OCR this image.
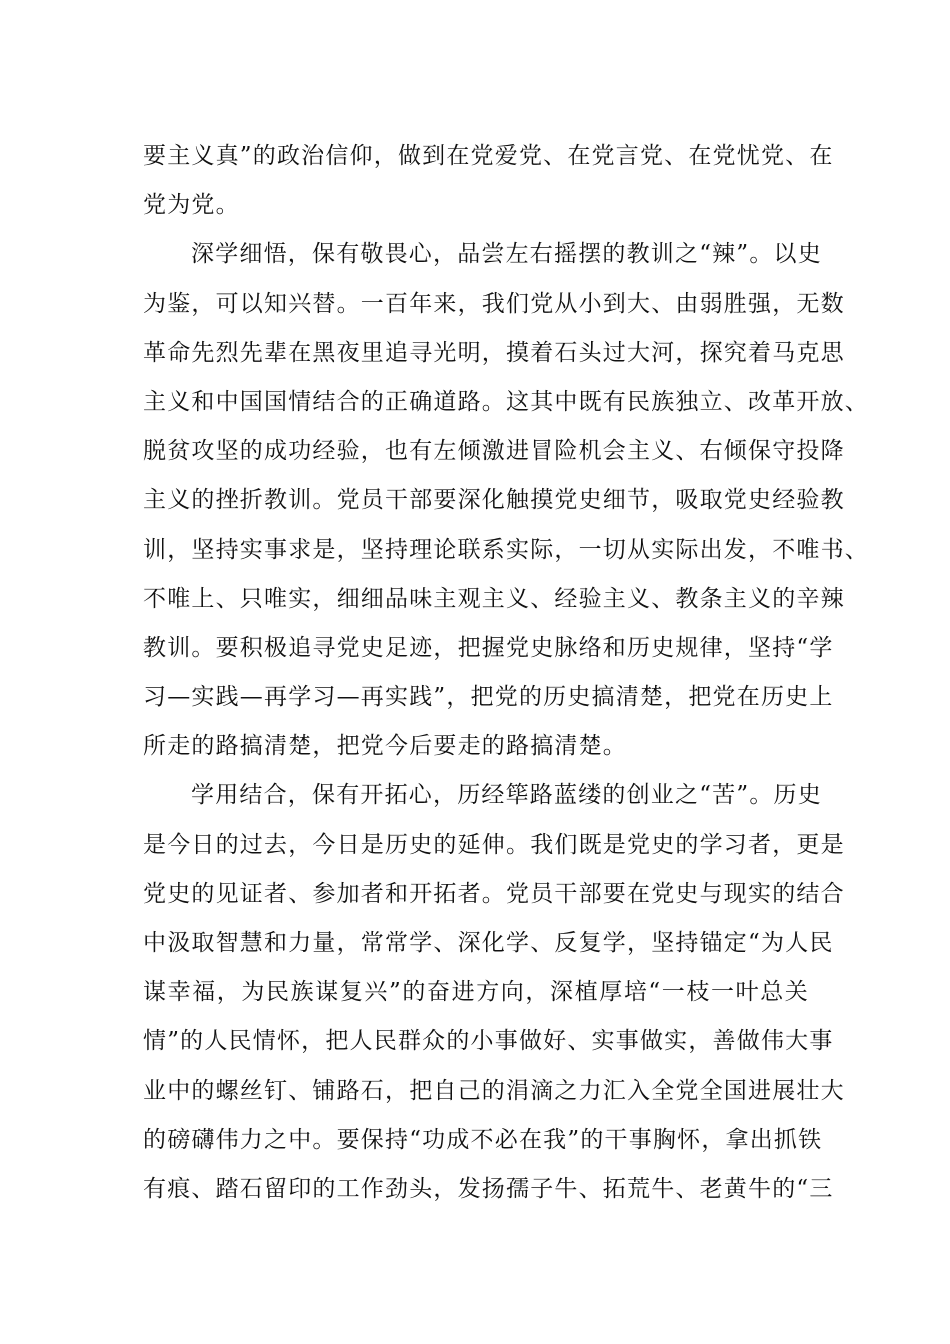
要主义真”的政治信仰，做到在党爱党、在党言党、在党忧党、在
党为党。
深学细悟，保有敬畏心，品尝左右摇摆的教训之“辣”。以史
为鉴，可以知兴替。一百年来，我们党从小到大、由弱胜强，无数
革命先烈先辈在黑夜里追寻光明，摸着石头过大河，探究着马克思
主义和中国国情结合的正确道路。这其中既有民族独立、改革开放、
脱贫攻坚的成功经验，也有左倾激进冒险机会主义、右倾保守投降
主义的挫折教训。党员干部要深化触摸党史细节，吸取党史经验教
训，坚持实事求是，坚持理论联系实际，一切从实际出发，不唯书、
不唯上、只唯实，细细品味主观主义、经验主义、教条主义的辛辣
教训。要积极追寻党史足迹，把握党史脉络和历史规律，坚持“学
习—实践—再学习—再实践”，把党的历史搞清楚，把党在历史上
所走的路搞清楚，把党今后要走的路搞清楚。
学用结合，保有开拓心，历经筚路蓝缕的创业之“苦”。历史
是今日的过去，今日是历史的延伸。我们既是党史的学习者，更是
党史的见证者、参加者和开拓者。党员干部要在党史与现实的结合
中汲取智慧和力量，常常学、深化学、反复学，坚持锚定“为人民
谋幸福，为民族谋复兴”的奋进方向，深植厚培“一枝一叶总关
情”的人民情怀，把人民群众的小事做好、实事做实，善做伟大事
业中的螺丝钉、铺路石，把自己的涓滴之力汇入全党全国进展壮大
的磅礴伟力之中。要保持“功成不必在我”的干事胸怀，拿出抓铁
有痕、踏石留印的工作劲头，发扬孺子牛、拓荒牛、老黄牛的“三
